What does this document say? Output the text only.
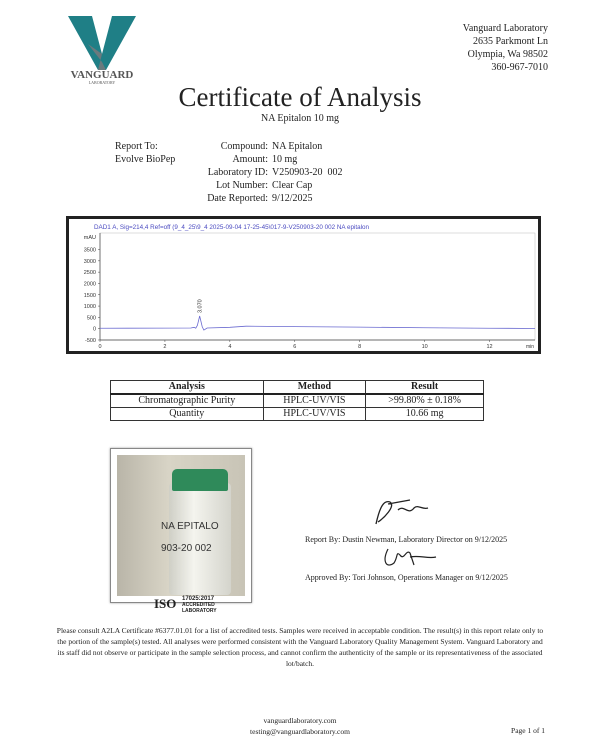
VANGUARD
LABORATORY
Vanguard Laboratory
2635 Parkmont Ln
Olympia, Wa 98502
360-967-7010
Certificate of Analysis
NA Epitalon 10 mg
Report To:
Evolve BioPep
Compound: NA Epitalon
Amount: 10 mg
Laboratory ID: V250903-20  002
Lot Number: Clear Cap
Date Reported: 9/12/2025
DAD1 A, Sig=214,4 Ref=off (9_4_25\9_4 2025-09-04 17-25-45\017-9-V250903-20 002 NA epitalon
mAU
3500
3000
2500
2000
1500
1000
500
0
-500
0	2	4	6	8	10	12	min
3.070
Analysis	Method	Result
Chromatographic Purity	HPLC-UV/VIS	>99.80% ± 0.18%
Quantity	HPLC-UV/VIS	10.66 mg
NA EPITALO
903-20 002
Report By: Dustin Newman, Laboratory Director on 9/12/2025
Approved By: Tori Johnson, Operations Manager on 9/12/2025
ISO 17025:2017
ACCREDITED
LABORATORY
Please consult A2LA Certificate #6377.01.01 for a list of accredited tests. Samples were received in acceptable condition. The result(s) in this report relate only to the portion of the sample(s) tested. All analyses were performed consistent with the Vanguard Laboratory Quality Management System. Vanguard Laboratory and its staff did not observe or participate in the sample selection process, and cannot confirm the authenticity of the sample or its representativeness of the associated lot/batch.
vanguardlaboratory.com
testing@vanguardlaboratory.com	Page 1 of 1
